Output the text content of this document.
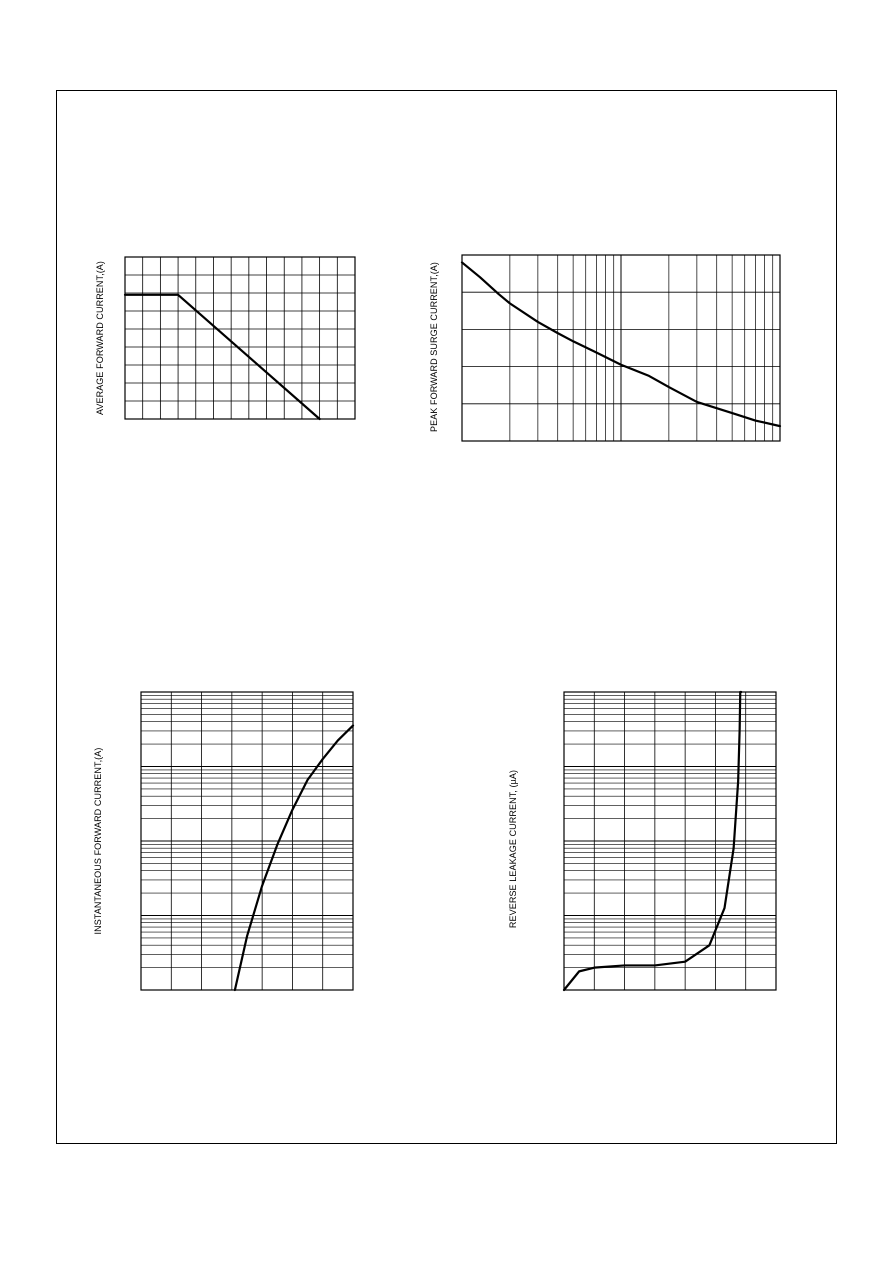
AVERAGE FORWARD CURRENT,(A)	PEAK FORWARD SURGE CURRENT,(A)
INSTANTANEOUS FORWARD CURRENT,(A)	REVERSE LEAKAGE CURRENT, (µA)
